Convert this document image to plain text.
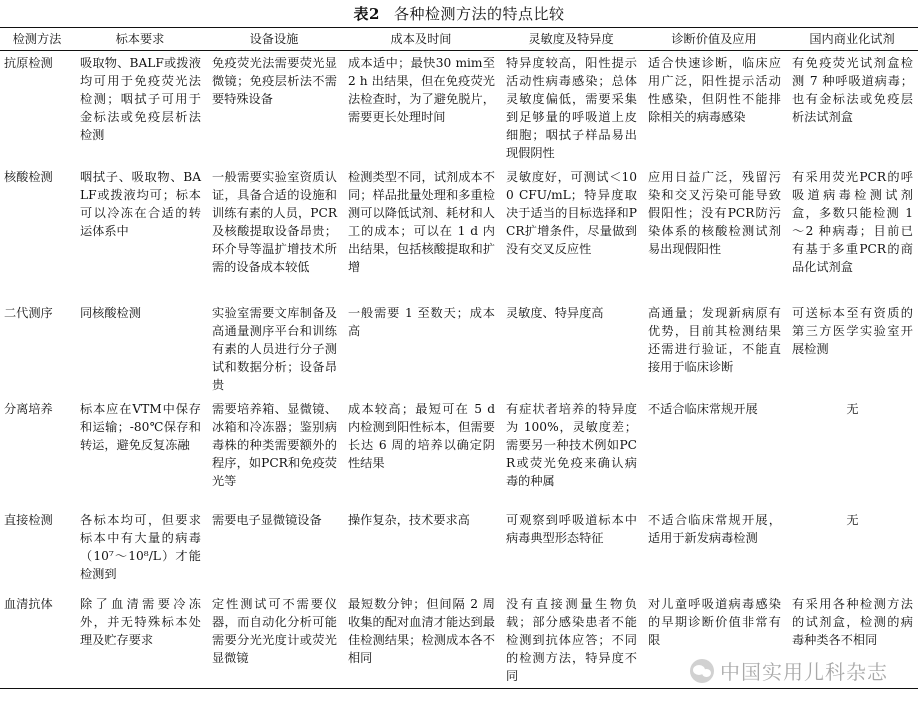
表2 各种检测方法的特点比较
检测方法	标本要求	设备设施	成本及时间	灵敏度及特异度	诊断价值及应用	国内商业化试剂
抗原检测	吸取物、BALF或拨液均可用于免疫荧光法检测；咽拭子可用于金标法或免疫层析法检测	免疫荧光法需要荧光显微镜；免疫层析法不需要特殊设备	成本适中；最快30 mim至 2 h 出结果，但在免疫荧光法检查时，为了避免脱片，需要更长处理时间	特异度较高，阳性提示活动性病毒感染；总体灵敏度偏低，需要采集到足够量的呼吸道上皮细胞；咽拭子样品易出现假阴性	适合快速诊断，临床应用广泛，阳性提示活动性感染，但阴性不能排除相关的病毒感染	有免疫荧光试剂盒检测 7 种呼吸道病毒；也有金标法或免疫层析法试剂盒
核酸检测	咽拭子、吸取物、BALF或拨液均可；标本可以冷冻在合适的转运体系中	一般需要实验室资质认证，具备合适的设施和训练有素的人员，PCR及核酸提取设备昂贵；环介导等温扩增技术所需的设备成本较低	检测类型不同，试剂成本不同；样品批量处理和多重检测可以降低试剂、耗材和人工的成本；可以在 1 d 内出结果，包括核酸提取和扩增	灵敏度好，可测试＜100 CFU/mL；特异度取决于适当的目标选择和PCR扩增条件，尽量做到没有交叉反应性	应用日益广泛，残留污染和交叉污染可能导致假阳性；没有PCR防污染体系的核酸检测试剂易出现假阳性	有采用荧光PCR的呼吸道病毒检测试剂盒，多数只能检测 1～2 种病毒；目前已有基于多重PCR的商品化试剂盒
二代测序	同核酸检测	实验室需要文库制备及高通量测序平台和训练有素的人员进行分子测试和数据分析；设备昂贵	一般需要 1 至数天；成本高	灵敏度、特异度高	高通量；发现新病原有优势，目前其检测结果还需进行验证，不能直接用于临床诊断	可送标本至有资质的第三方医学实验室开展检测
分离培养	标本应在VTM中保存和运输；-80℃保存和转运，避免反复冻融	需要培养箱、显微镜、冰箱和冷冻器；鉴别病毒株的种类需要额外的程序，如PCR和免疫荧光等	成本较高；最短可在 5 d 内检测到阳性标本，但需要长达 6 周的培养以确定阴性结果	有症状者培养的特异度为 100%，灵敏度差；需要另一种技术例如PCR或荧光免疫来确认病毒的种属	不适合临床常规开展	无
直接检测	各标本均可，但要求标本中有大量的病毒（10⁷～10⁸/L）才能检测到	需要电子显微镜设备	操作复杂，技术要求高	可观察到呼吸道标本中病毒典型形态特征	不适合临床常规开展，适用于新发病毒检测	无
血清抗体	除了血清需要冷冻外，并无特殊标本处理及贮存要求	定性测试可不需要仪器，而自动化分析可能需要分光光度计或荧光显微镜	最短数分钟；但间隔 2 周收集的配对血清才能达到最佳检测结果；检测成本各不相同	没有直接测量生物负载；部分感染患者不能检测到抗体应答；不同的检测方法，特异度不同	对儿童呼吸道病毒感染的早期诊断价值非常有限	有采用各种检测方法的试剂盒，检测的病毒种类各不相同
中国实用儿科杂志
